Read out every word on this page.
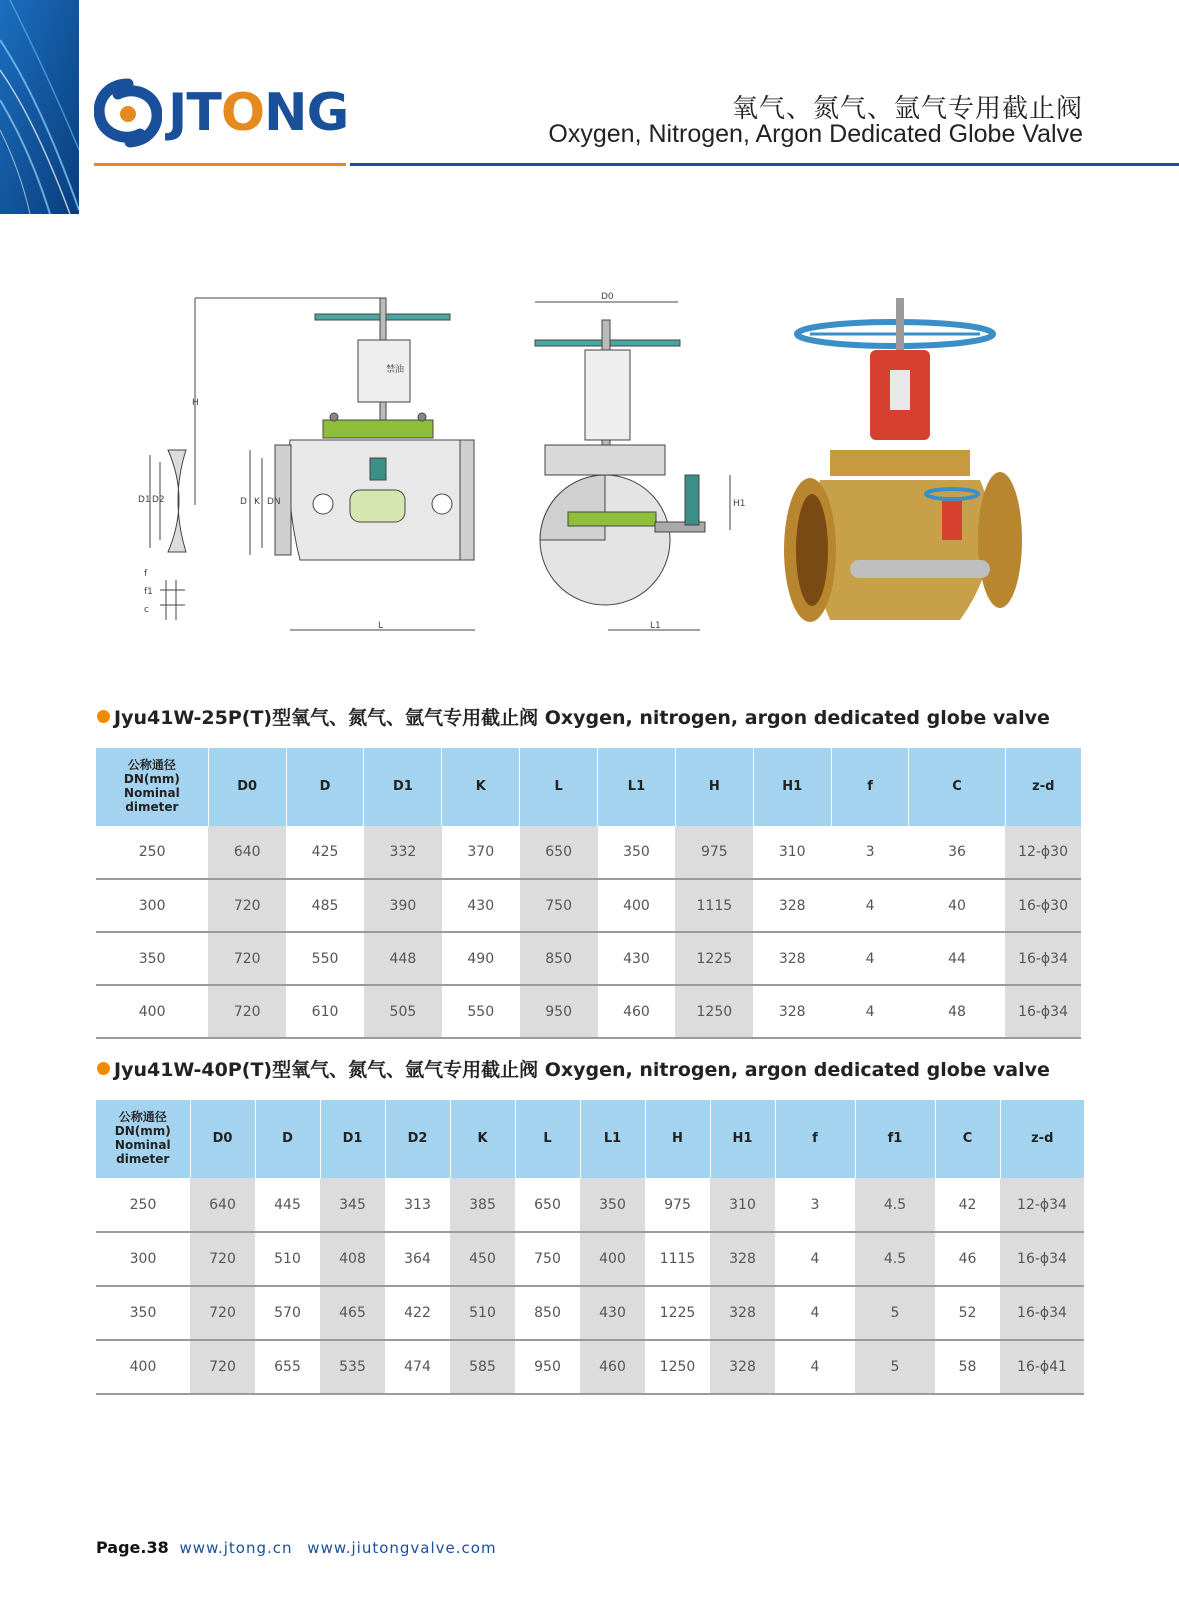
JTONG	氧气、氮气、氩气专用截止阀
Oxygen, Nitrogen, Argon Dedicated Globe Valve
D1 D2
f
f1
c
H
D K DN
L
禁油
D0
H1
L1
Jyu41W-25P(T)型氧气、氮气、氩气专用截止阀 Oxygen, nitrogen, argon dedicated globe valve
公称通径
DN(mm)
Nominal dimeter	D0	D	D1	K	L	L1	H	H1	f	C	z-d
250	640	425	332	370	650	350	975	310	3	36	12-ϕ30
300	720	485	390	430	750	400	1115	328	4	40	16-ϕ30
350	720	550	448	490	850	430	1225	328	4	44	16-ϕ34
400	720	610	505	550	950	460	1250	328	4	48	16-ϕ34
Jyu41W-40P(T)型氧气、氮气、氩气专用截止阀 Oxygen, nitrogen, argon dedicated globe valve
公称通径
DN(mm)
Nominal
dimeter	D0	D	D1	D2	K	L	L1	H	H1	f	f1	C	z-d
250	640	445	345	313	385	650	350	975	310	3	4.5	42	12-ϕ34
300	720	510	408	364	450	750	400	1115	328	4	4.5	46	16-ϕ34
350	720	570	465	422	510	850	430	1225	328	4	5	52	16-ϕ34
400	720	655	535	474	585	950	460	1250	328	4	5	58	16-ϕ41
Page.38 www.jtong.cn www.jiutongvalve.com
